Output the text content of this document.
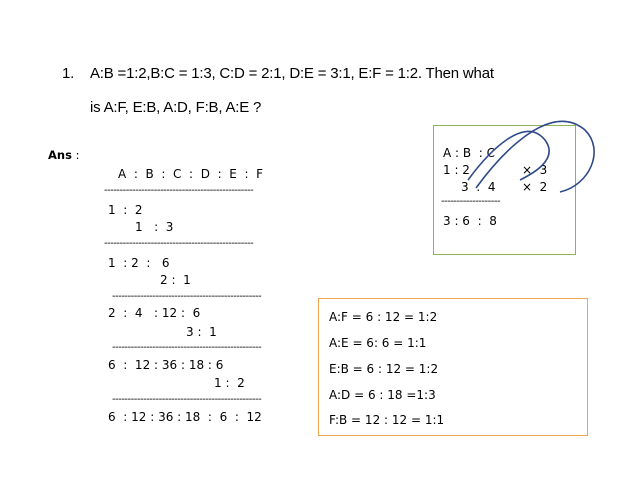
1. A:B =1:2,B:C = 1:3, C:D = 2:1, D:E = 3:1, E:F = 1:2. Then what
is A:F, E:B, A:D, F:B, A:E ?
Ans :
A  :  B  :  C  :  D  :  E  :  F
------------------------------------------------
1  :  2
1   :  3
------------------------------------------------
1  : 2  :   6
2 :  1
------------------------------------------------
2  :  4   : 12 :  6
3 :  1
------------------------------------------------
6  :  12 : 36 : 18 : 6
1 :  2
------------------------------------------------
6  : 12 : 36 : 18  :  6  :  12
A : B  : C
1 : 2	×  3
3  :  4 ×  2
-------------------
3 : 6  :  8
A:F = 6 : 12 = 1:2
A:E = 6: 6 = 1:1
E:B = 6 : 12 = 1:2
A:D = 6 : 18 =1:3
F:B = 12 : 12 = 1:1
